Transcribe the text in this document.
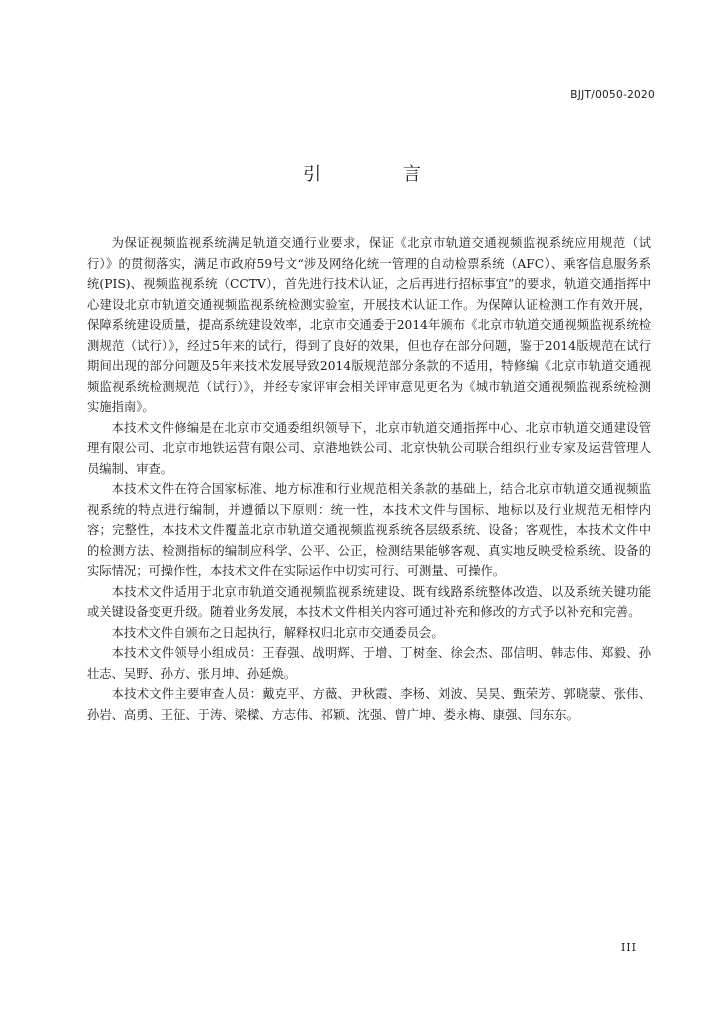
BJJT/0050-2020
引 言

为保证视频监视系统满足轨道交通行业要求，保证《北京市轨道交通视频监视系统应用规范（试行）》的贯彻落实，满足市政府59号文“涉及网络化统一管理的自动检票系统（AFC）、乘客信息服务系统(PIS)、视频监视系统（CCTV），首先进行技术认证，之后再进行招标事宜”的要求，轨道交通指挥中心建设北京市轨道交通视频监视系统检测实验室，开展技术认证工作。为保障认证检测工作有效开展，保障系统建设质量，提高系统建设效率，北京市交通委于2014年颁布《北京市轨道交通视频监视系统检测规范（试行）》，经过5年来的试行，得到了良好的效果，但也存在部分问题，鉴于2014版规范在试行期间出现的部分问题及5年来技术发展导致2014版规范部分条款的不适用，特修编《北京市轨道交通视频监视系统检测规范（试行）》，并经专家评审会相关评审意见更名为《城市轨道交通视频监视系统检测实施指南》。

本技术文件修编是在北京市交通委组织领导下，北京市轨道交通指挥中心、北京市轨道交通建设管理有限公司、北京市地铁运营有限公司、京港地铁公司、北京快轨公司联合组织行业专家及运营管理人员编制、审查。

本技术文件在符合国家标准、地方标准和行业规范相关条款的基础上，结合北京市轨道交通视频监视系统的特点进行编制，并遵循以下原则：统一性，本技术文件与国标、地标以及行业规范无相悖内容；完整性，本技术文件覆盖北京市轨道交通视频监视系统各层级系统、设备；客观性，本技术文件中的检测方法、检测指标的编制应科学、公平、公正，检测结果能够客观、真实地反映受检系统、设备的实际情况；可操作性，本技术文件在实际运作中切实可行、可测量、可操作。

本技术文件适用于北京市轨道交通视频监视系统建设、既有线路系统整体改造、以及系统关键功能或关键设备变更升级。随着业务发展，本技术文件相关内容可通过补充和修改的方式予以补充和完善。

本技术文件自颁布之日起执行，解释权归北京市交通委员会。

本技术文件领导小组成员：王春强、战明辉、于增、丁树奎、徐会杰、邵信明、韩志伟、郑毅、孙壮志、吴野、孙方、张月坤、孙延焕。

本技术文件主要审查人员：戴克平、方薇、尹秋霞、李杨、刘波、吴昊、甄荣芳、郭晓蒙、张伟、孙岩、高勇、王征、于涛、梁樑、方志伟、祁颖、沈强、曾广坤、娄永梅、康强、闫东东。

III
